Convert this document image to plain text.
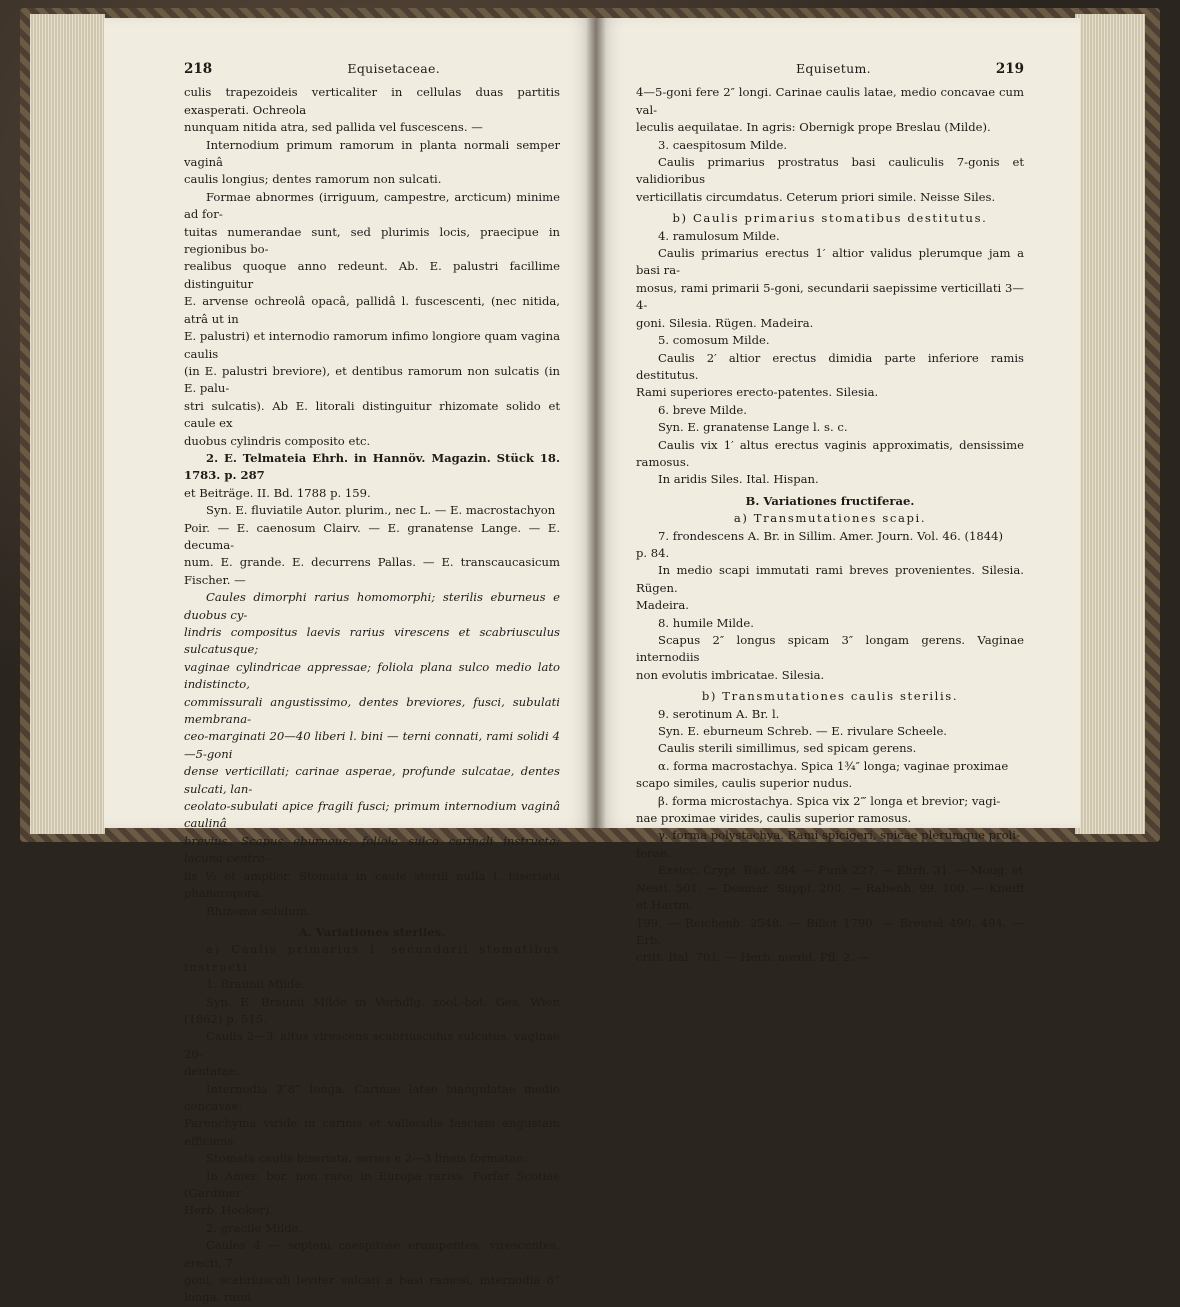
218	Equisetaceae.

culis trapezoideis verticaliter in cellulas duas partitis exasperati. Ochreola

nunquam nitida atra, sed pallida vel fuscescens. —

Internodium primum ramorum in planta normali semper vaginâ

caulis longius; dentes ramorum non sulcati.

Formae abnormes (irriguum, campestre, arcticum) minime ad for-

tuitas numerandae sunt, sed plurimis locis, praecipue in regionibus bo-

realibus quoque anno redeunt. Ab. E. palustri facillime distinguitur

E. arvense ochreolâ opacâ, pallidâ l. fuscescenti, (nec nitida, atrâ ut in

E. palustri) et internodio ramorum infimo longiore quam vagina caulis

(in E. palustri breviore), et dentibus ramorum non sulcatis (in E. palu-

stri sulcatis). Ab E. litorali distinguitur rhizomate solido et caule ex

duobus cylindris composito etc.

2. E. Telmateia Ehrh. in Hannöv. Magazin. Stück 18. 1783. p. 287

et Beiträge. II. Bd. 1788 p. 159.

Syn. E. fluviatile Autor. plurim., nec L. — E. macrostachyon

Poir. — E. caenosum Clairv. — E. granatense Lange. — E. decuma-

num. E. grande. E. decurrens Pallas. — E. transcaucasicum Fischer. —

Caules dimorphi rarius homomorphi; sterilis eburneus e duobus cy-

lindris compositus laevis rarius virescens et scabriusculus sulcatusque;

vaginae cylindricae appressae; foliola plana sulco medio lato indistincto,

commissurali angustissimo, dentes breviores, fusci, subulati membrana-

ceo-marginati 20—40 liberi l. bini — terni connati, rami solidi 4—5-goni

dense verticillati; carinae asperae, profunde sulcatae, dentes sulcati, lan-

ceolato-subulati apice fragili fusci; primum internodium vaginâ caulinâ

brevius. Scapus eburneus, foliola sulco carinali instructa; lacuna centra-

lis ½ et amplior. Stomata in caule sterili nulla l. biseriata phaneropora.

Rhizoma solidum.

A. Variationes steriles.

a) Caulis primarius l. secundarii stomatibus instructi.

1. Braunii Milde.

Syn. E. Braunii Milde in Verhdlg. zool.-bot. Ges. Wien (1862) p. 515.

Caulis 2—3′ altus virescens scabriusculus sulcatus, vaginae 20-

dentatae.

Internodia 2″8‴ longa. Carinae latae biangulatae medio concavae.

Parenchyma viride in carinis et valleculis fasciam angustam efficiens.

Stomata caulis biseriata, series e 2—3 lineis formatae.

In Amer. bor. non raro; in Europa rariss. Forfar Scotiae (Gardiner

Herb. Hooker).

2. gracile Milde.

Caules 4 — septeni caespitose erumpentes, virescentes, erecti, 7-

goni, scabriusculi leviter sulcati a basi ramosi, internodia 8‴ longa, rami

Equisetum.	219

4—5-goni fere 2″ longi. Carinae caulis latae, medio concavae cum val-

leculis aequilatae. In agris: Obernigk prope Breslau (Milde).

3. caespitosum Milde.

Caulis primarius prostratus basi cauliculis 7-gonis et validioribus

verticillatis circumdatus. Ceterum priori simile. Neisse Siles.

b) Caulis primarius stomatibus destitutus.

4. ramulosum Milde.

Caulis primarius erectus 1′ altior validus plerumque jam a basi ra-

mosus, rami primarii 5-goni, secundarii saepissime verticillati 3—4-

goni. Silesia. Rügen. Madeira.

5. comosum Milde.

Caulis 2′ altior erectus dimidia parte inferiore ramis destitutus.

Rami superiores erecto-patentes. Silesia.

6. breve Milde.

Syn. E. granatense Lange l. s. c.

Caulis vix 1′ altus erectus vaginis approximatis, densissime ramosus.

In aridis Siles. Ital. Hispan.

B. Variationes fructiferae.

a) Transmutationes scapi.

7. frondescens A. Br. in Sillim. Amer. Journ. Vol. 46. (1844)

p. 84.

In medio scapi immutati rami breves provenientes. Silesia. Rügen.

Madeira.

8. humile Milde.

Scapus 2″ longus spicam 3″ longam gerens. Vaginae internodiis

non evolutis imbricatae. Silesia.

b) Transmutationes caulis sterilis.

9. serotinum A. Br. l.

Syn. E. eburneum Schreb. — E. rivulare Scheele.

Caulis sterili simillimus, sed spicam gerens.

α. forma macrostachya. Spica 1¾″ longa; vaginae proximae

scapo similes, caulis superior nudus.

β. forma microstachya. Spica vix 2‴ longa et brevior; vagi-

nae proximae virides, caulis superior ramosus.

γ. forma polystachya. Rami spicigeri, spicae plerumque proli-

ferae.

Exsicc. Crypt. Bad. 284. — Funk 227. — Ehrh. 31. — Moug. et

Nestl. 501. — Desmaz. Suppl. 200. — Rabenh. 99. 100. — Kneiff et Hartm.

199. — Reichenb. 2548. — Billot 1790. — Breutel 490. 494. — Erb.

critt. Ital. 701. — Herb. nordd. Pfl. 2. —
